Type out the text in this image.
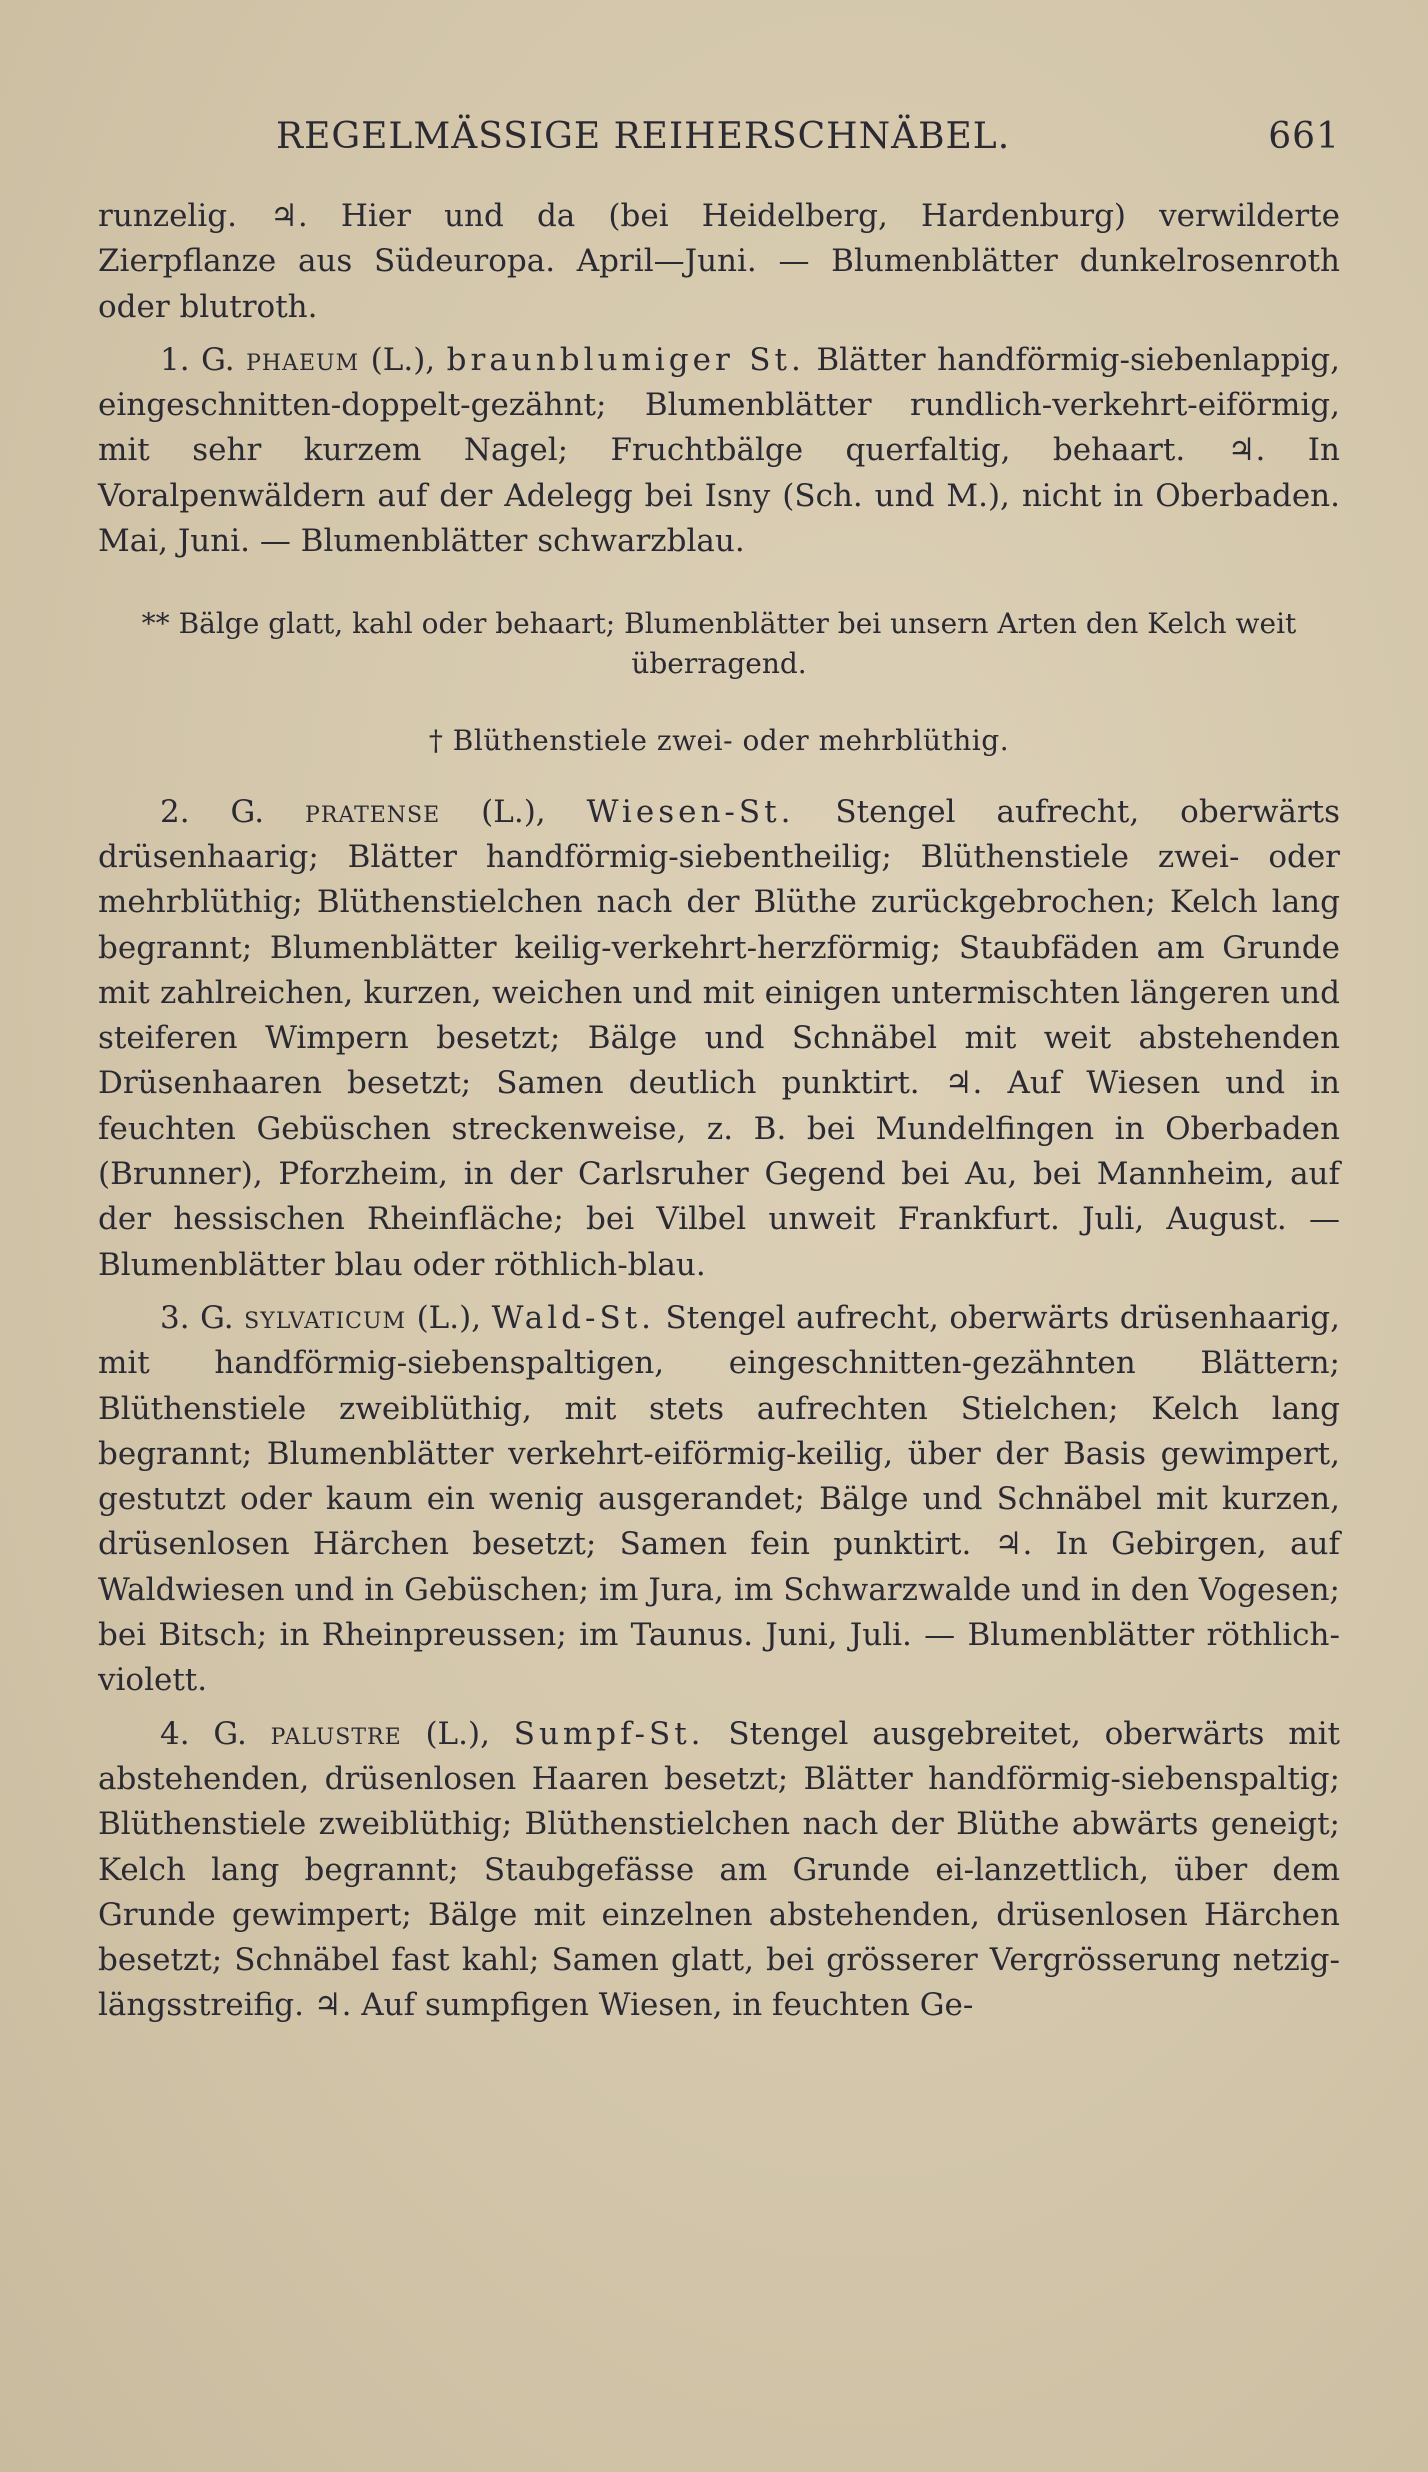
REGELMÄSSIGE REIHERSCHNÄBEL.	661

runzelig. ♃. Hier und da (bei Heidelberg, Hardenburg) verwilderte Zierpflanze aus Südeuropa. April—Juni. — Blumenblätter dunkelrosenroth oder blutroth.

1. G. phaeum (L.), braunblumiger St. Blätter handförmig-siebenlappig, eingeschnitten-doppelt-gezähnt; Blumenblätter rundlich-verkehrt-eiförmig, mit sehr kurzem Nagel; Fruchtbälge querfaltig, behaart. ♃. In Voralpenwäldern auf der Adelegg bei Isny (Sch. und M.), nicht in Oberbaden. Mai, Juni. — Blumenblätter schwarzblau.

** Bälge glatt, kahl oder behaart; Blumenblätter bei unsern Arten den Kelch weit überragend.

† Blüthenstiele zwei- oder mehrblüthig.

2. G. pratense (L.), Wiesen-St. Stengel aufrecht, oberwärts drüsenhaarig; Blätter handförmig-siebentheilig; Blüthenstiele zwei- oder mehrblüthig; Blüthenstielchen nach der Blüthe zurückgebrochen; Kelch lang begrannt; Blumenblätter keilig-verkehrt-herzförmig; Staubfäden am Grunde mit zahlreichen, kurzen, weichen und mit einigen untermischten längeren und steiferen Wimpern besetzt; Bälge und Schnäbel mit weit abstehenden Drüsenhaaren besetzt; Samen deutlich punktirt. ♃. Auf Wiesen und in feuchten Gebüschen streckenweise, z. B. bei Mundelfingen in Oberbaden (Brunner), Pforzheim, in der Carlsruher Gegend bei Au, bei Mannheim, auf der hessischen Rheinfläche; bei Vilbel unweit Frankfurt. Juli, August. — Blumenblätter blau oder röthlich-blau.

3. G. sylvaticum (L.), Wald-St. Stengel aufrecht, oberwärts drüsenhaarig, mit handförmig-siebenspaltigen, eingeschnitten-gezähnten Blättern; Blüthenstiele zweiblüthig, mit stets aufrechten Stielchen; Kelch lang begrannt; Blumenblätter verkehrt-eiförmig-keilig, über der Basis gewimpert, gestutzt oder kaum ein wenig ausgerandet; Bälge und Schnäbel mit kurzen, drüsenlosen Härchen besetzt; Samen fein punktirt. ♃. In Gebirgen, auf Waldwiesen und in Gebüschen; im Jura, im Schwarzwalde und in den Vogesen; bei Bitsch; in Rheinpreussen; im Taunus. Juni, Juli. — Blumenblätter röthlich-violett.

4. G. palustre (L.), Sumpf-St. Stengel ausgebreitet, oberwärts mit abstehenden, drüsenlosen Haaren besetzt; Blätter handförmig-siebenspaltig; Blüthenstiele zweiblüthig; Blüthenstielchen nach der Blüthe abwärts geneigt; Kelch lang begrannt; Staubgefässe am Grunde ei-lanzettlich, über dem Grunde gewimpert; Bälge mit einzelnen abstehenden, drüsenlosen Härchen besetzt; Schnäbel fast kahl; Samen glatt, bei grösserer Vergrösserung netzig-längsstreifig. ♃. Auf sumpfigen Wiesen, in feuchten Ge-
